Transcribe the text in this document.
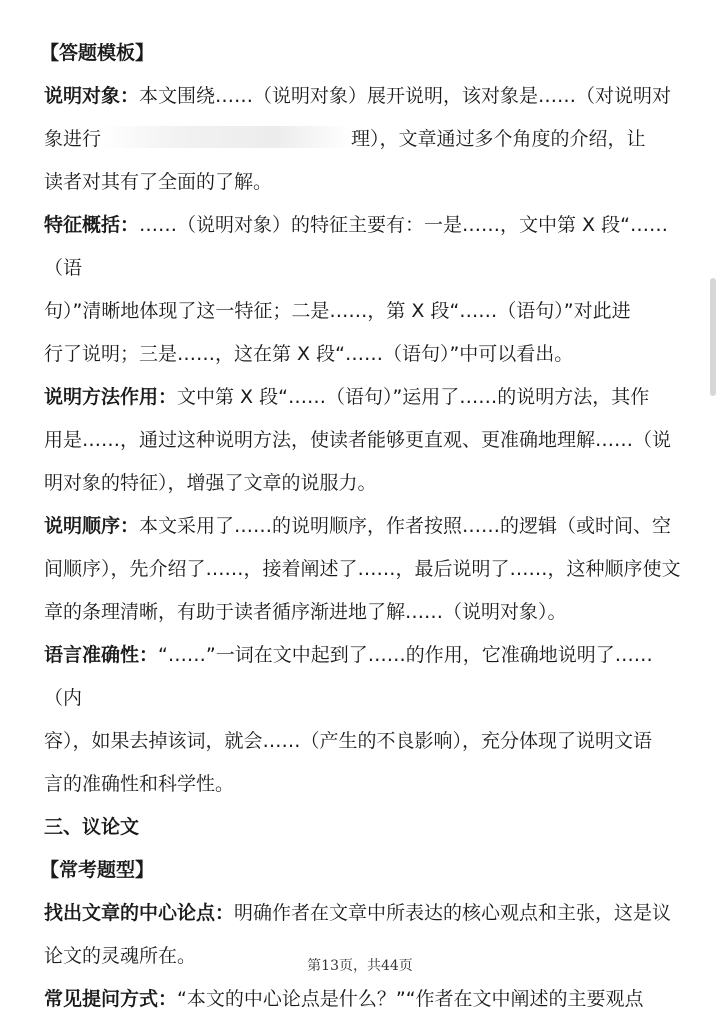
【答题模板】

说明对象：本文围绕……（说明对象）展开说明，该对象是……（对说明对

象进行	理），文章通过多个角度的介绍，让

读者对其有了全面的了解。

特征概括：……（说明对象）的特征主要有：一是……，文中第 X 段“……（语

句）”清晰地体现了这一特征；二是……，第 X 段“……（语句）”对此进

行了说明；三是……，这在第 X 段“……（语句）”中可以看出。

说明方法作用：文中第 X 段“……（语句）”运用了……的说明方法，其作

用是……，通过这种说明方法，使读者能够更直观、更准确地理解……（说

明对象的特征），增强了文章的说服力。

说明顺序：本文采用了……的说明顺序，作者按照……的逻辑（或时间、空

间顺序），先介绍了……，接着阐述了……，最后说明了……，这种顺序使文

章的条理清晰，有助于读者循序渐进地了解……（说明对象）。

语言准确性：“……”一词在文中起到了……的作用，它准确地说明了……（内

容），如果去掉该词，就会……（产生的不良影响），充分体现了说明文语

言的准确性和科学性。

三、议论文

【常考题型】

找出文章的中心论点：明确作者在文章中所表达的核心观点和主张，这是议

论文的灵魂所在。

常见提问方式：“本文的中心论点是什么？”“作者在文中阐述的主要观点

第13页，共44页
